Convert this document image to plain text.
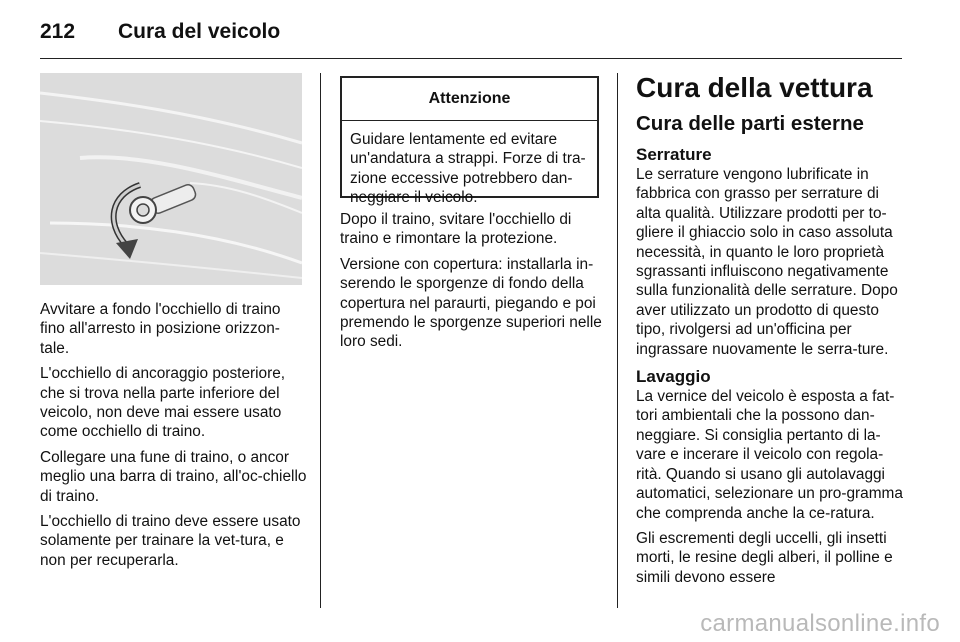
212	Cura del veicolo

Avvitare a fondo l'occhiello di traino fino all'arresto in posizione orizzon-tale.

L'occhiello di ancoraggio posteriore, che si trova nella parte inferiore del veicolo, non deve mai essere usato come occhiello di traino.

Collegare una fune di traino, o ancor meglio una barra di traino, all'oc-chiello di traino.

L'occhiello di traino deve essere usato solamente per trainare la vet-tura, e non per recuperarla.

Attenzione
Guidare lentamente ed evitare un'andatura a strappi. Forze di tra-zione eccessive potrebbero dan-neggiare il veicolo.

Dopo il traino, svitare l'occhiello di traino e rimontare la protezione.

Versione con copertura: installarla in-serendo le sporgenze di fondo della copertura nel paraurti, piegando e poi premendo le sporgenze superiori nelle loro sedi.

Cura della vettura
Cura delle parti esterne
Serrature

Le serrature vengono lubrificate in fabbrica con grasso per serrature di alta qualità. Utilizzare prodotti per to-gliere il ghiaccio solo in caso assoluta necessità, in quanto le loro proprietà sgrassanti influiscono negativamente sulla funzionalità delle serrature. Dopo aver utilizzato un prodotto di questo tipo, rivolgersi ad un'officina per ingrassare nuovamente le serra-ture.

Lavaggio

La vernice del veicolo è esposta a fat-tori ambientali che la possono dan-neggiare. Si consiglia pertanto di la-vare e incerare il veicolo con regola-rità. Quando si usano gli autolavaggi automatici, selezionare un pro-gramma che comprenda anche la ce-ratura.

Gli escrementi degli uccelli, gli insetti morti, le resine degli alberi, il polline e simili devono essere

carmanualsonline.info
